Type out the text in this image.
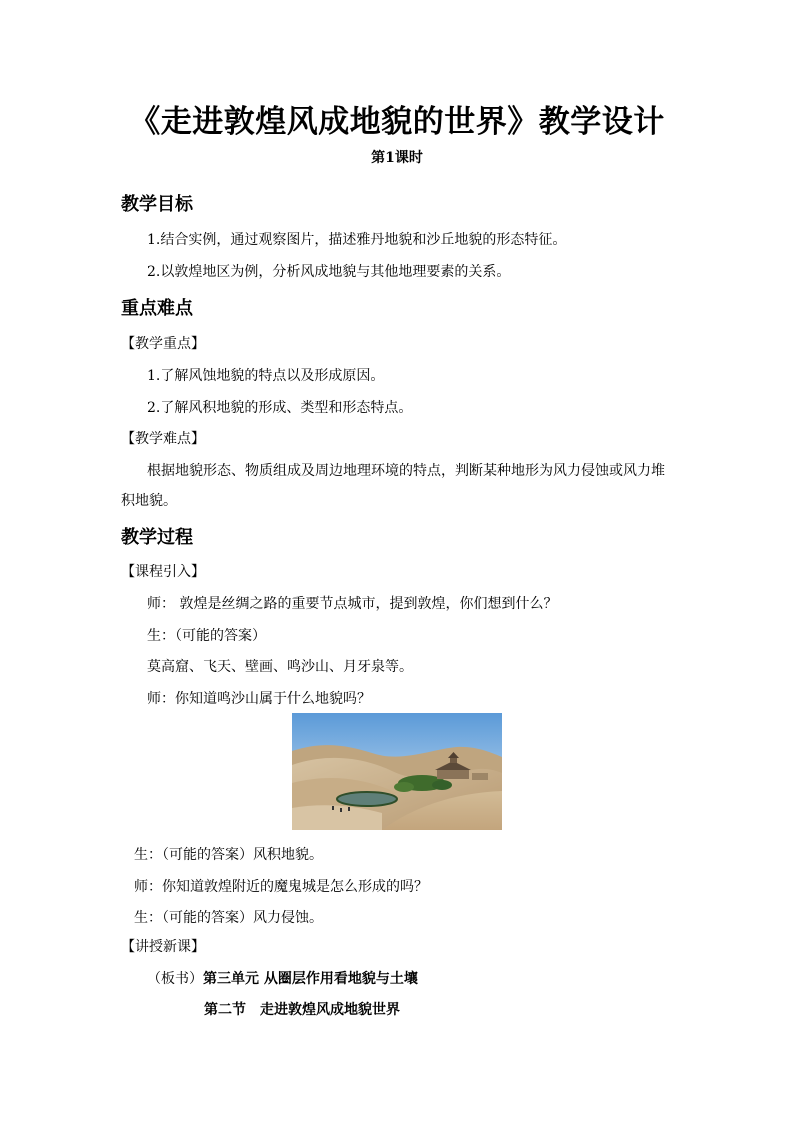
《走进敦煌风成地貌的世界》教学设计
第1课时
教学目标
1.结合实例，通过观察图片，描述雅丹地貌和沙丘地貌的形态特征。
2.以敦煌地区为例，分析风成地貌与其他地理要素的关系。
重点难点
【教学重点】
1.了解风蚀地貌的特点以及形成原因。
2.了解风积地貌的形成、类型和形态特点。
【教学难点】
根据地貌形态、物质组成及周边地理环境的特点，判断某种地形为风力侵蚀或风力堆
积地貌。
教学过程
【课程引入】
师： 敦煌是丝绸之路的重要节点城市，提到敦煌，你们想到什么？
生：（可能的答案）
莫高窟、飞天、壁画、鸣沙山、月牙泉等。
师：你知道鸣沙山属于什么地貌吗？
生：（可能的答案）风积地貌。
师：你知道敦煌附近的魔鬼城是怎么形成的吗？
生：（可能的答案）风力侵蚀。
【讲授新课】
（板书）第三单元 从圈层作用看地貌与土壤
第二节　走进敦煌风成地貌世界
